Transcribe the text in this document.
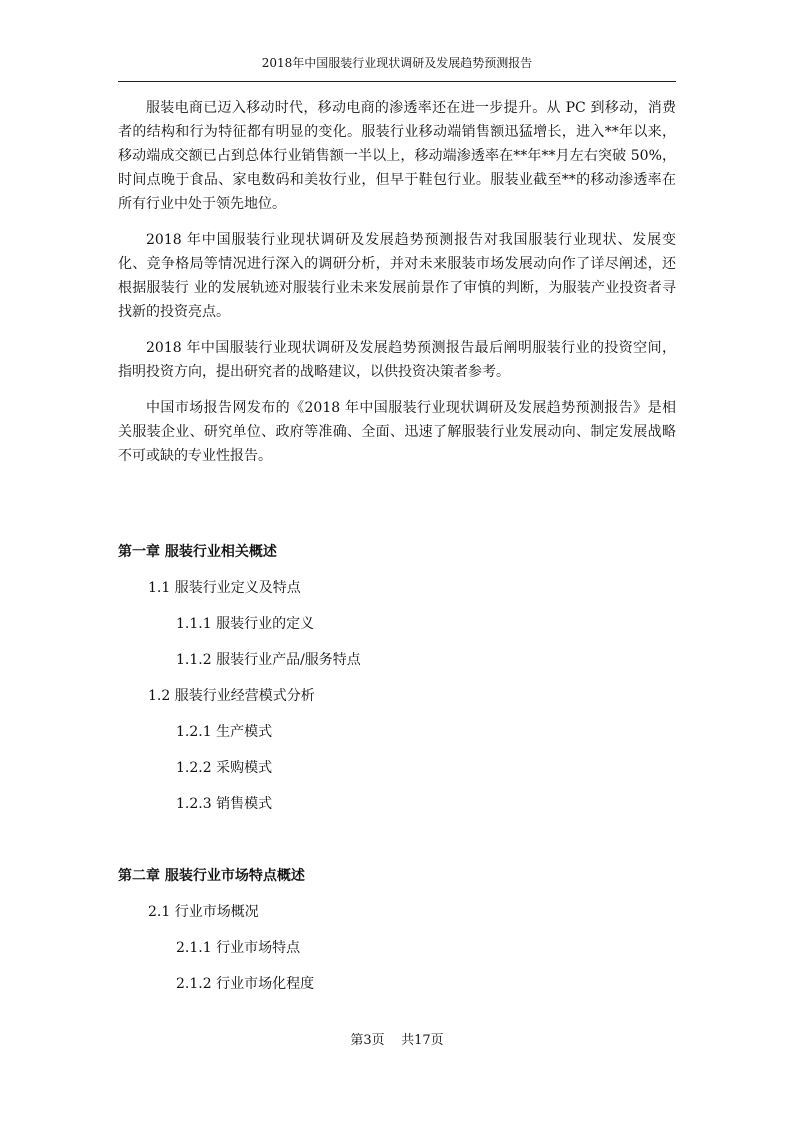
2018年中国服装行业现状调研及发展趋势预测报告

服装电商已迈入移动时代，移动电商的渗透率还在进一步提升。从 PC 到移动，消费者的结构和行为特征都有明显的变化。服装行业移动端销售额迅猛增长，进入**年以来，移动端成交额已占到总体行业销售额一半以上，移动端渗透率在**年**月左右突破 50%，时间点晚于食品、家电数码和美妆行业，但早于鞋包行业。服装业截至**的移动渗透率在所有行业中处于领先地位。

2018 年中国服装行业现状调研及发展趋势预测报告对我国服装行业现状、发展变化、竞争格局等情况进行深入的调研分析，并对未来服装市场发展动向作了详尽阐述，还根据服装行 业的发展轨迹对服装行业未来发展前景作了审慎的判断，为服装产业投资者寻找新的投资亮点。

2018 年中国服装行业现状调研及发展趋势预测报告最后阐明服装行业的投资空间，指明投资方向，提出研究者的战略建议，以供投资决策者参考。

中国市场报告网发布的《2018 年中国服装行业现状调研及发展趋势预测报告》是相关服装企业、研究单位、政府等准确、全面、迅速了解服装行业发展动向、制定发展战略不可或缺的专业性报告。

第一章 服装行业相关概述
1.1 服装行业定义及特点
1.1.1 服装行业的定义
1.1.2 服装行业产品/服务特点
1.2 服装行业经营模式分析
1.2.1 生产模式
1.2.2 采购模式
1.2.3 销售模式
第二章 服装行业市场特点概述
2.1 行业市场概况
2.1.1 行业市场特点
2.1.2 行业市场化程度
第3页    共17页
